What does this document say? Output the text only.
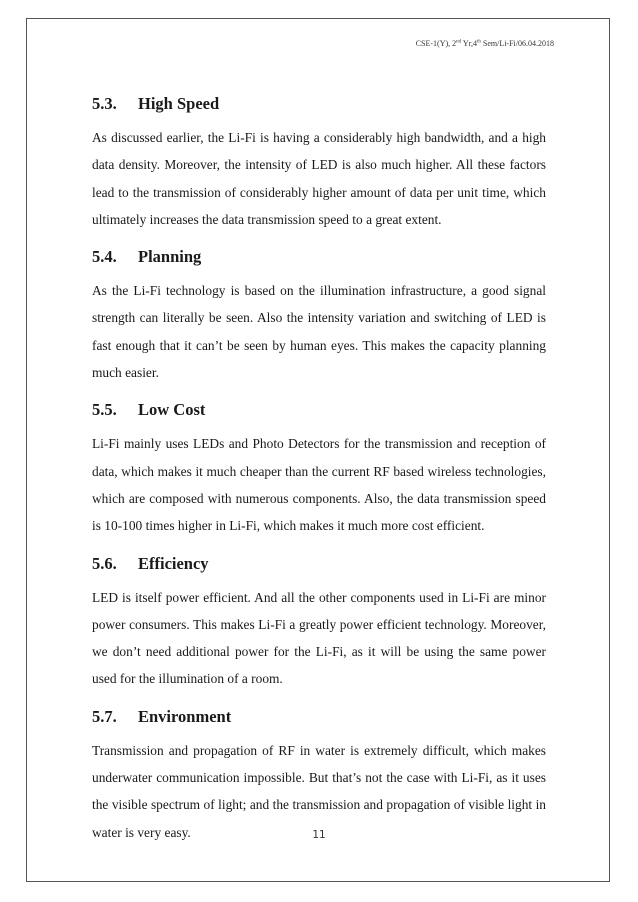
CSE-1(Y), 2nd Yr,4th Sem/Li-Fi/06.04.2018
5.3. High Speed

As discussed earlier, the Li-Fi is having a considerably high bandwidth, and a high data density. Moreover, the intensity of LED is also much higher. All these factors lead to the transmission of considerably higher amount of data per unit time, which ultimately increases the data transmission speed to a great extent.

5.4. Planning

As the Li-Fi technology is based on the illumination infrastructure, a good signal strength can literally be seen. Also the intensity variation and switching of LED is fast enough that it can’t be seen by human eyes. This makes the capacity planning much easier.

5.5. Low Cost

Li-Fi mainly uses LEDs and Photo Detectors for the transmission and reception of data, which makes it much cheaper than the current RF based wireless technologies, which are composed with numerous components. Also, the data transmission speed is 10-100 times higher in Li-Fi, which makes it much more cost efficient.

5.6. Efficiency

LED is itself power efficient. And all the other components used in Li-Fi are minor power consumers. This makes Li-Fi a greatly power efficient technology. Moreover, we don’t need additional power for the Li-Fi, as it will be using the same power used for the illumination of a room.

5.7. Environment

Transmission and propagation of RF in water is extremely difficult, which makes underwater communication impossible. But that’s not the case with Li-Fi, as it uses the visible spectrum of light; and the transmission and propagation of visible light in water is very easy.	11
